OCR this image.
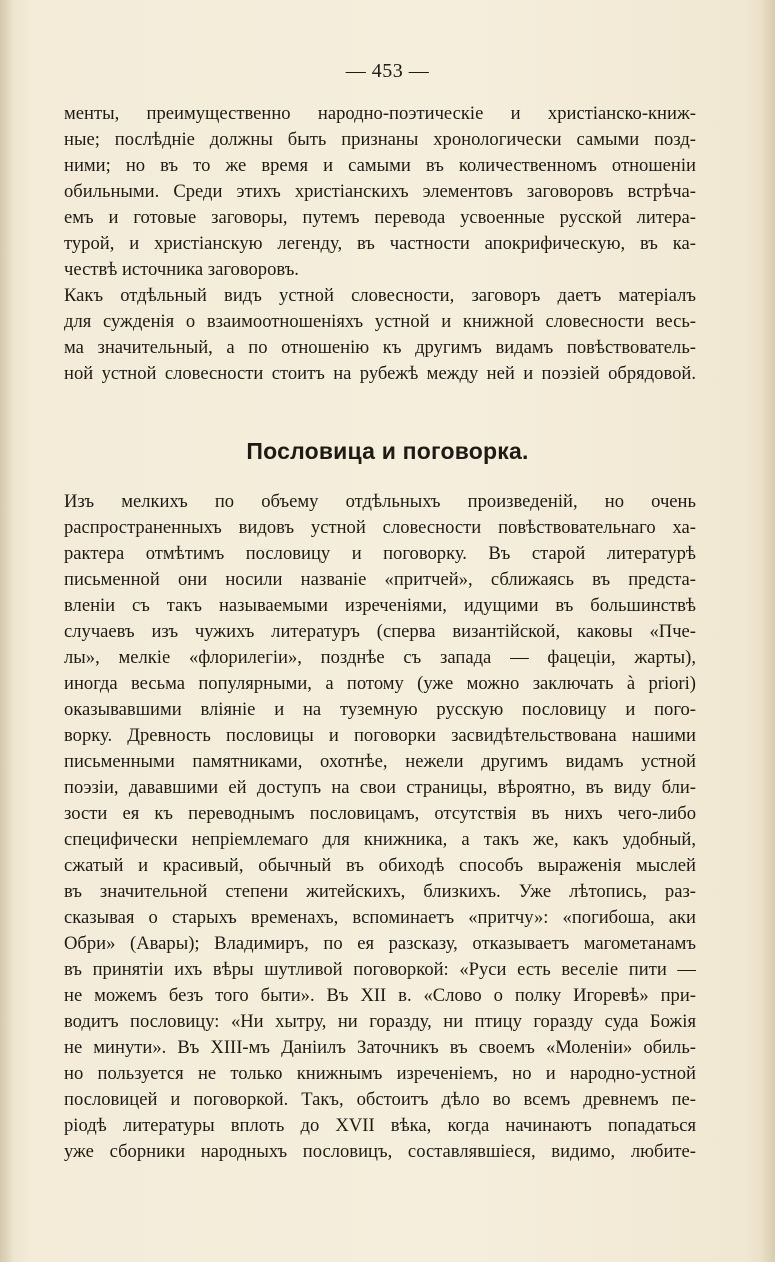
— 453 —
менты, преимущественно народно-поэтическіе и христіанско-книж-
ные; послѣдніе должны быть признаны хронологически самыми позд-
ними; но въ то же время и самыми въ количественномъ отношеніи
обильными. Среди этихъ христіанскихъ элементовъ заговоровъ встрѣча-
емъ и готовые заговоры, путемъ перевода усвоенные русской литера-
турой, и христіанскую легенду, въ частности апокрифическую, въ ка-
чествѣ источника заговоровъ.
Какъ отдѣльный видъ устной словесности, заговоръ даетъ матеріалъ
для сужденія о взаимоотношеніяхъ устной и книжной словесности весь-
ма значительный, а по отношенію къ другимъ видамъ повѣствователь-
ной устной словесности стоитъ на рубежѣ между ней и поэзіей обрядовой.
Пословица и поговорка.
Изъ мелкихъ по объему отдѣльныхъ произведеній, но очень
распространенныхъ видовъ устной словесности повѣствовательнаго ха-
рактера отмѣтимъ пословицу и поговорку. Въ старой литературѣ
письменной они носили названіе «притчей», сближаясь въ предста-
вленіи съ такъ называемыми изреченіями, идущими въ большинствѣ
случаевъ изъ чужихъ литературъ (сперва византійской, каковы «Пче-
лы», мелкіе «флорилегіи», позднѣе съ запада — фацеціи, жарты),
иногда весьма популярными, а потому (уже можно заключать à priori)
оказывавшими вліяніе и на туземную русскую пословицу и пого-
ворку. Древность пословицы и поговорки засвидѣтельствована нашими
письменными памятниками, охотнѣе, нежели другимъ видамъ устной
поэзіи, дававшими ей доступъ на свои страницы, вѣроятно, въ виду бли-
зости ея къ переводнымъ пословицамъ, отсутствія въ нихъ чего-либо
специфически непріемлемаго для книжника, а такъ же, какъ удобный,
сжатый и красивый, обычный въ обиходѣ способъ выраженія мыслей
въ значительной степени житейскихъ, близкихъ. Уже лѣтопись, раз-
сказывая о старыхъ временахъ, вспоминаетъ «притчу»: «погибоша, аки
Обри» (Авары); Владимиръ, по ея разсказу, отказываетъ магометанамъ
въ принятіи ихъ вѣры шутливой поговоркой: «Руси есть веселіе пити —
не можемъ безъ того быти». Въ XII в. «Слово о полку Игоревѣ» при-
водитъ пословицу: «Ни хытру, ни горазду, ни птицу горазду суда Божія
не минути». Въ XIII-мъ Даніилъ Заточникъ въ своемъ «Моленіи» обиль-
но пользуется не только книжнымъ изреченіемъ, но и народно-устной
пословицей и поговоркой. Такъ, обстоитъ дѣло во всемъ древнемъ пе-
ріодѣ литературы вплоть до XVII вѣка, когда начинаютъ попадаться
уже сборники народныхъ пословицъ, составлявшіеся, видимо, любите-
